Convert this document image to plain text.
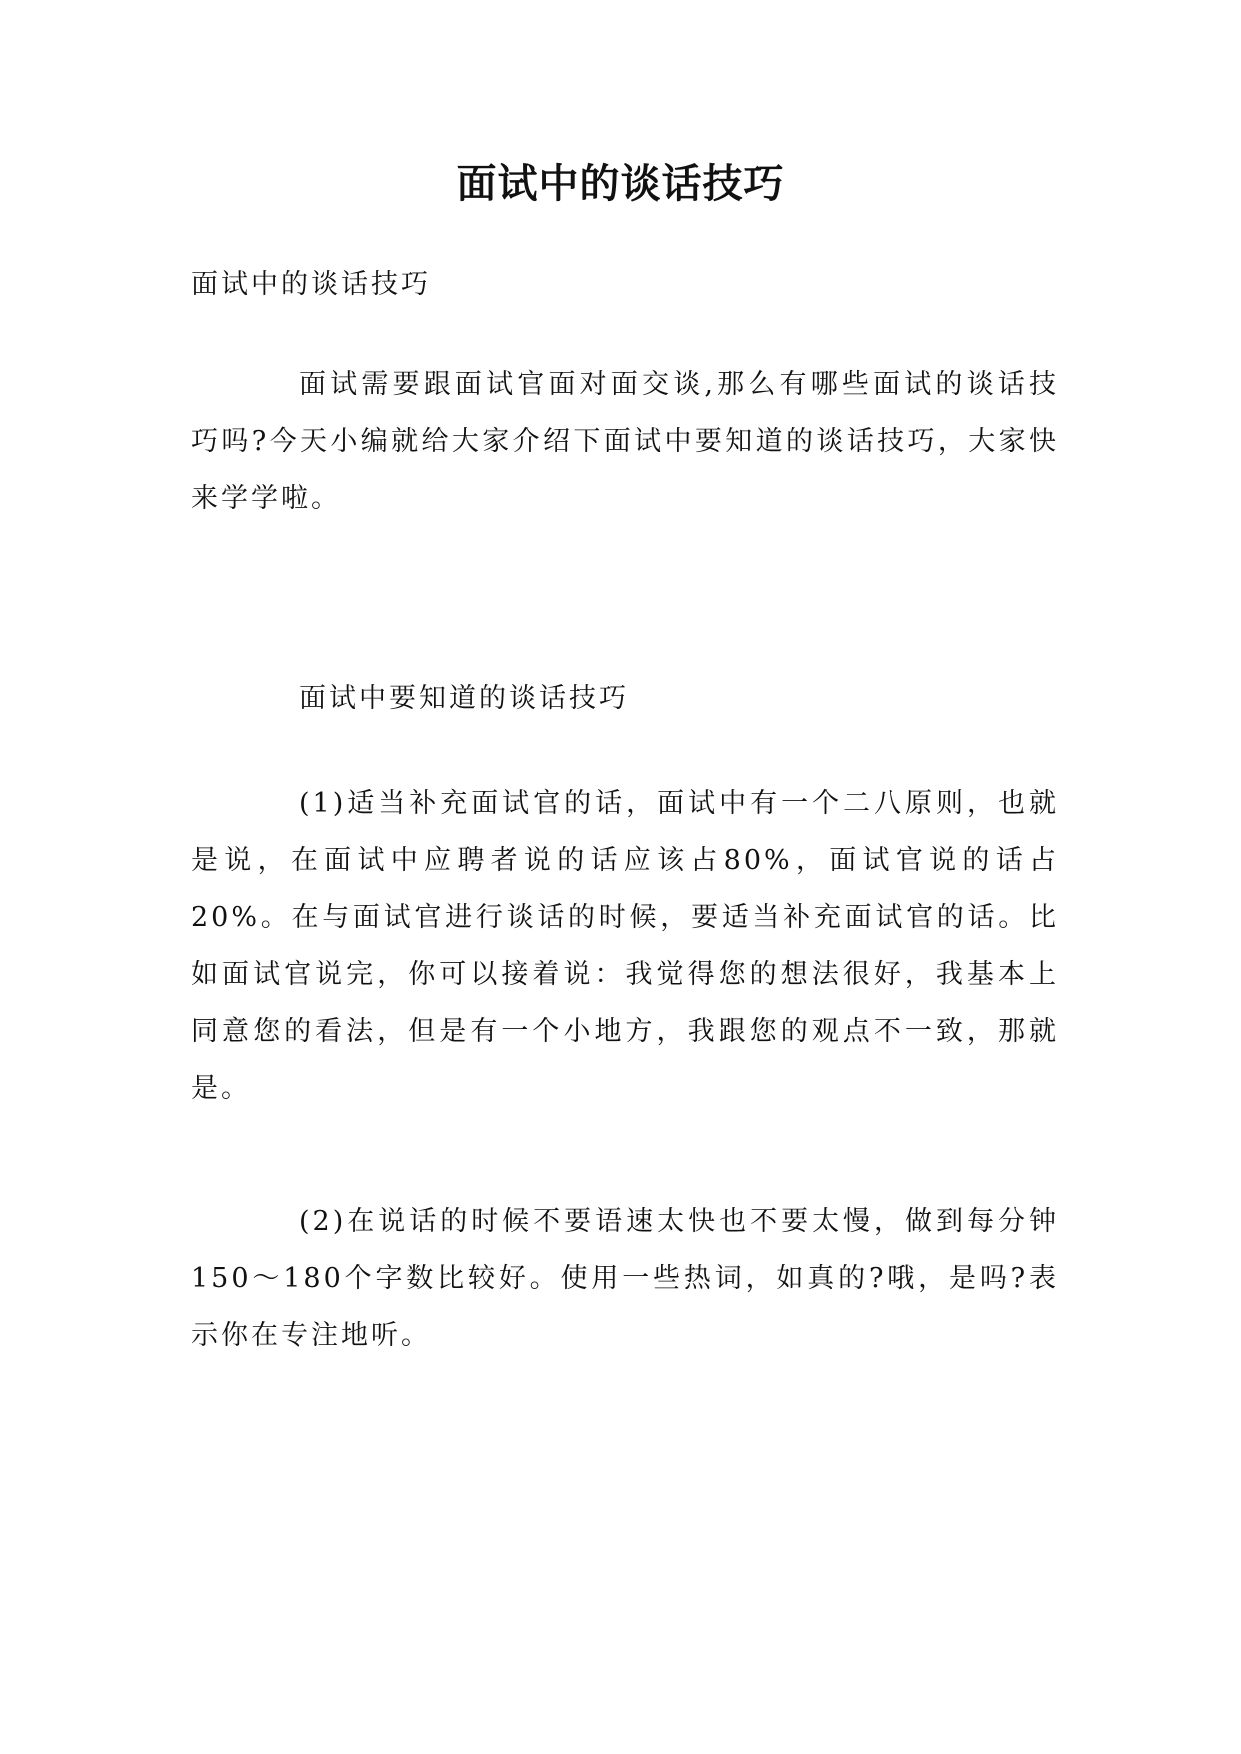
面试中的谈话技巧

面试中的谈话技巧

面试需要跟面试官面对面交谈,那么有哪些面试的谈话技巧吗?今天小编就给大家介绍下面试中要知道的谈话技巧，大家快来学学啦。

面试中要知道的谈话技巧

(1)适当补充面试官的话，面试中有一个二八原则，也就是说，在面试中应聘者说的话应该占80%，面试官说的话占20%。在与面试官进行谈话的时候，要适当补充面试官的话。比如面试官说完，你可以接着说：我觉得您的想法很好，我基本上同意您的看法，但是有一个小地方，我跟您的观点不一致，那就是。

(2)在说话的时候不要语速太快也不要太慢，做到每分钟150～180个字数比较好。使用一些热词，如真的?哦，是吗?表示你在专注地听。
